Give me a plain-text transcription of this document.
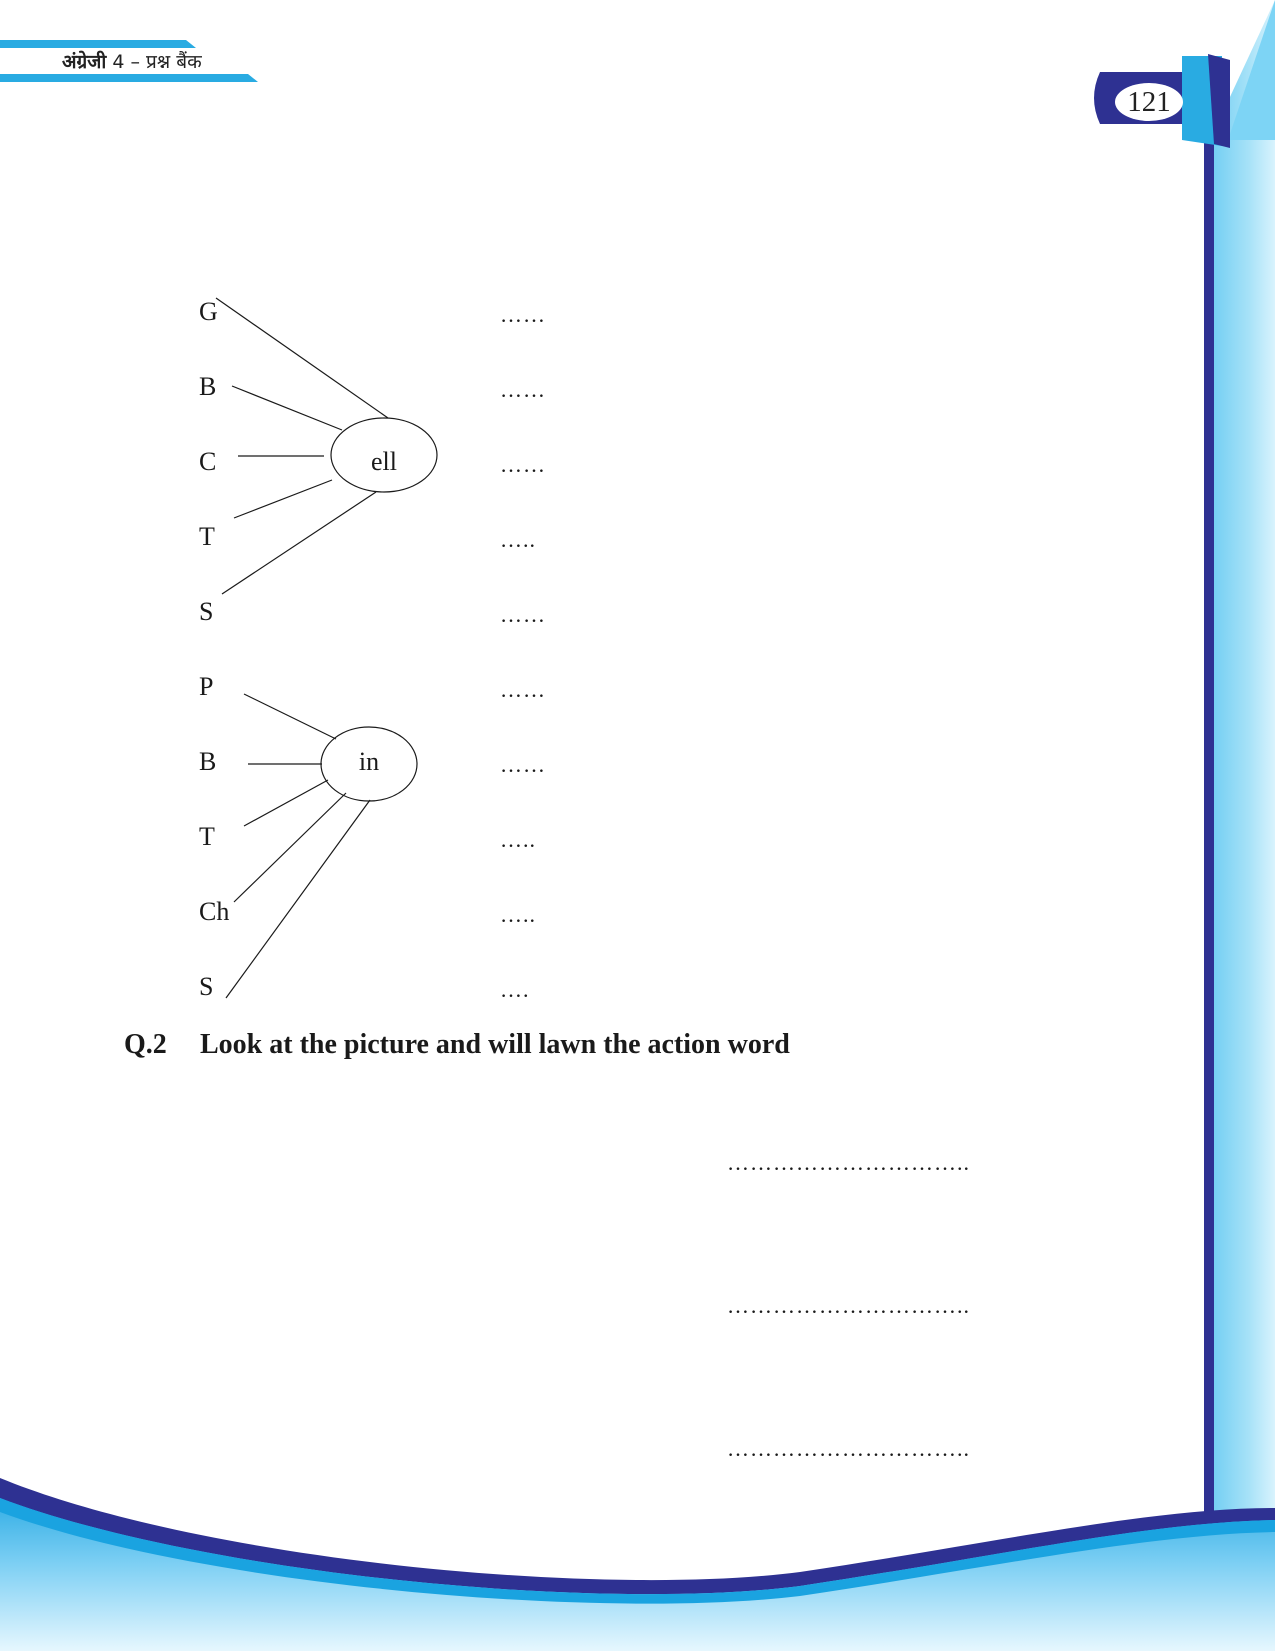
अंग्रेजी 4 – प्रश्न बैंक
121
G
B
C
T
S
ell
……
……
……
…..
……
P
B
T
Ch
S
in
……
……
…..
…..
….
Q.2 Look at the picture and will lawn the action word
…………………………..
…………………………..
…………………………..
